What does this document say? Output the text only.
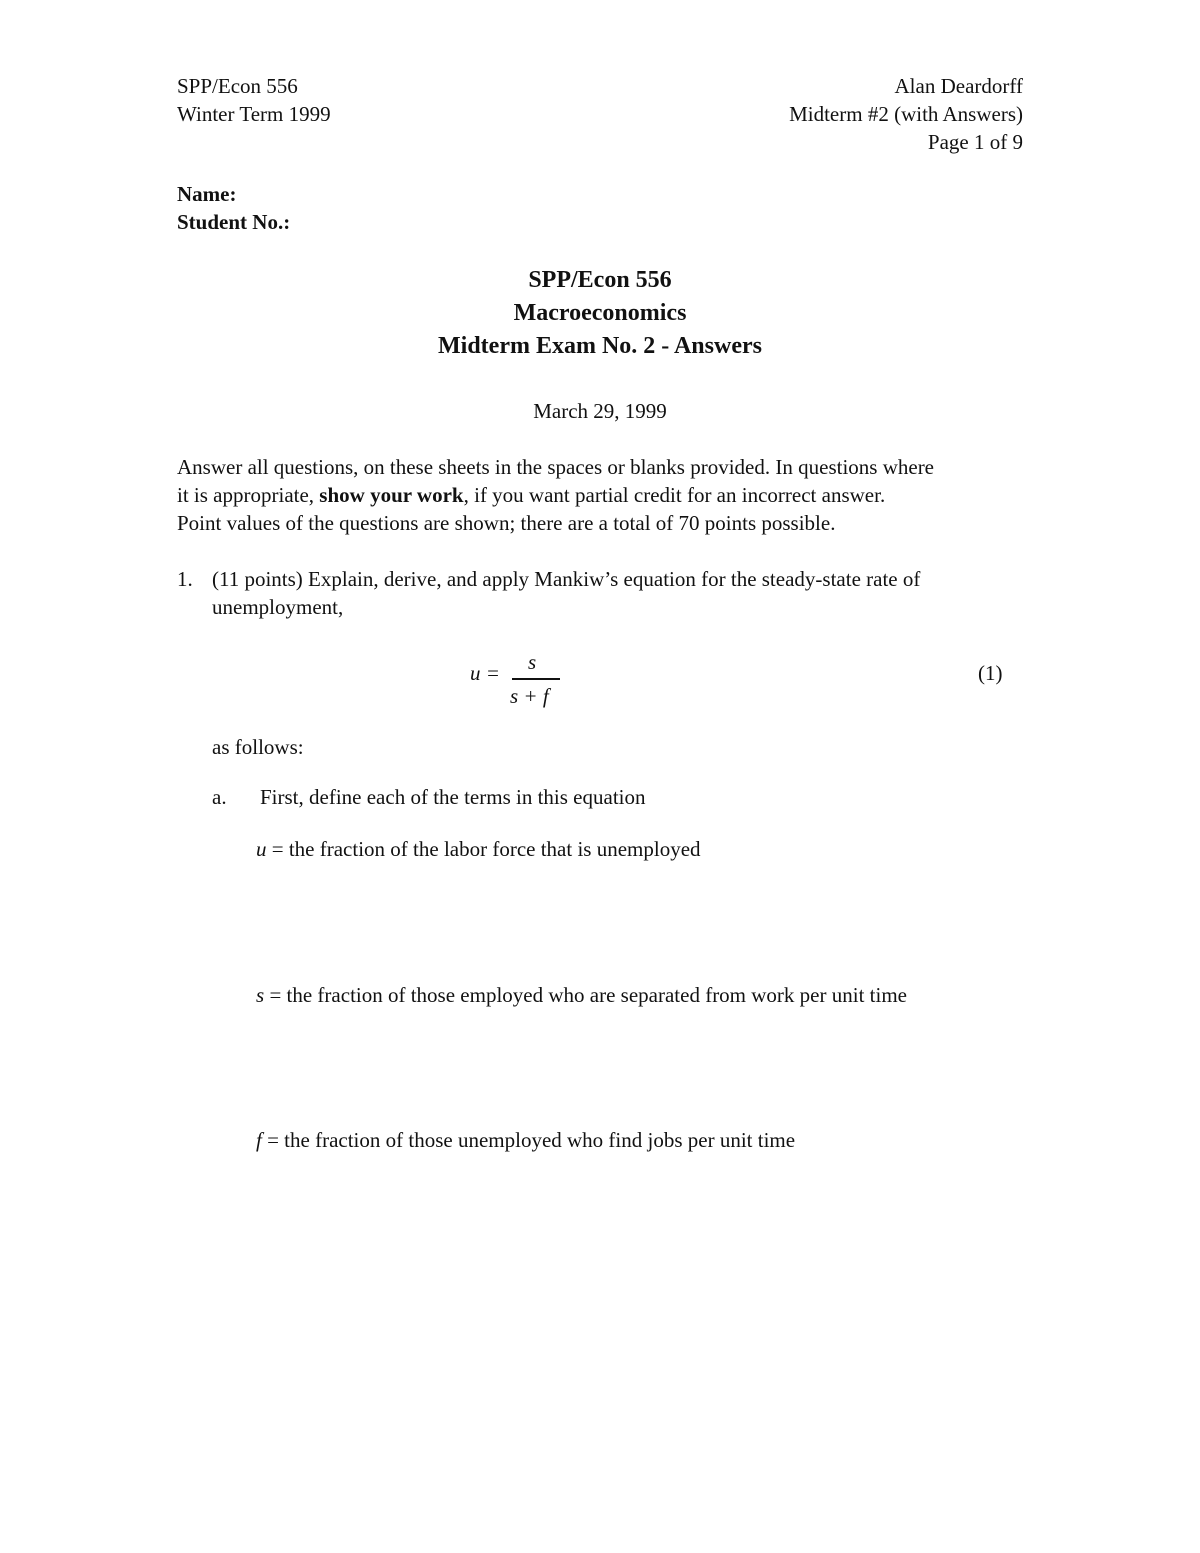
SPP/Econ 556
Winter Term 1999
Alan Deardorff
Midterm #2 (with Answers)
Page 1 of 9
Name:
Student No.:
SPP/Econ 556
Macroeconomics
Midterm Exam No. 2 - Answers
March 29, 1999
Answer all questions, on these sheets in the spaces or blanks provided. In questions where
it is appropriate, show your work, if you want partial credit for an incorrect answer.
Point values of the questions are shown; there are a total of 70 points possible.
1. (11 points) Explain, derive, and apply Mankiw’s equation for the steady-state rate of
unemployment,
u = s
s + f
(1)
as follows:
a. First, define each of the terms in this equation
u = the fraction of the labor force that is unemployed
s = the fraction of those employed who are separated from work per unit time
f = the fraction of those unemployed who find jobs per unit time
